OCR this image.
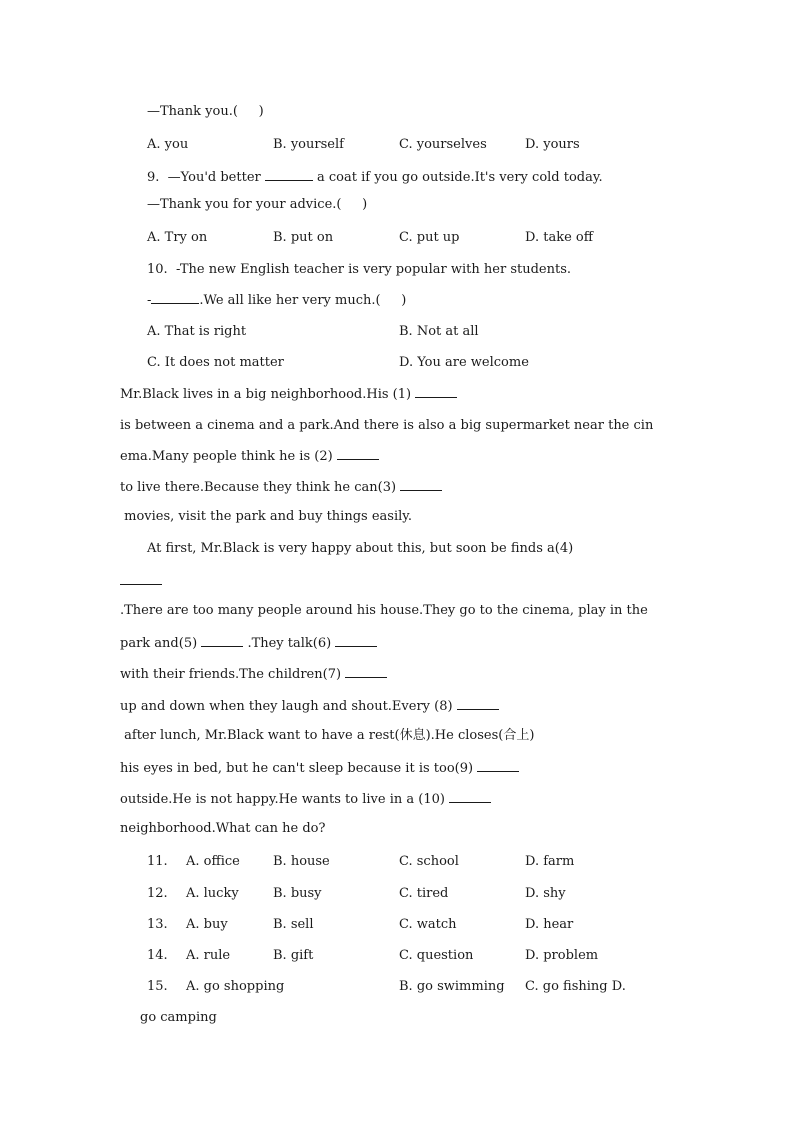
—Thank you.(     )
A. you	B. yourself	C. yourselves	D. yours
9. —You'd better	a coat if you go outside.It's very cold today.
—Thank you for your advice.(     )
A. Try on	B. put on	C. put up	D. take off
10. -The new English teacher is very popular with her students.
-	.We all like her very much.(     )
A. That is right	B. Not at all
C. It does not matter	D. You are welcome
Mr.Black lives in a big neighborhood.His (1)
is between a cinema and a park.And there is also a big supermarket near the cin
ema.Many people think he is (2)
to live there.Because they think he can(3)
movies, visit the park and buy things easily.
At first, Mr.Black is very happy about this, but soon be finds a(4)
.There are too many people around his house.They go to the cinema, play in the
park and(5)	.They talk(6)
with their friends.The children(7)
up and down when they laugh and shout.Every (8)
after lunch, Mr.Black want to have a rest(休息).He closes(合上)
his eyes in bed, but he can't sleep because it is too(9)
outside.He is not happy.He wants to live in a (10)
neighborhood.What can he do?
11. A. office	B. house	C. school	D. farm
12. A. lucky	B. busy	C. tired	D. shy
13. A. buy	B. sell	C. watch	D. hear
14. A. rule	B. gift	C. question	D. problem
15. A. go shopping	B. go swimming C. go fishing D.
go camping
